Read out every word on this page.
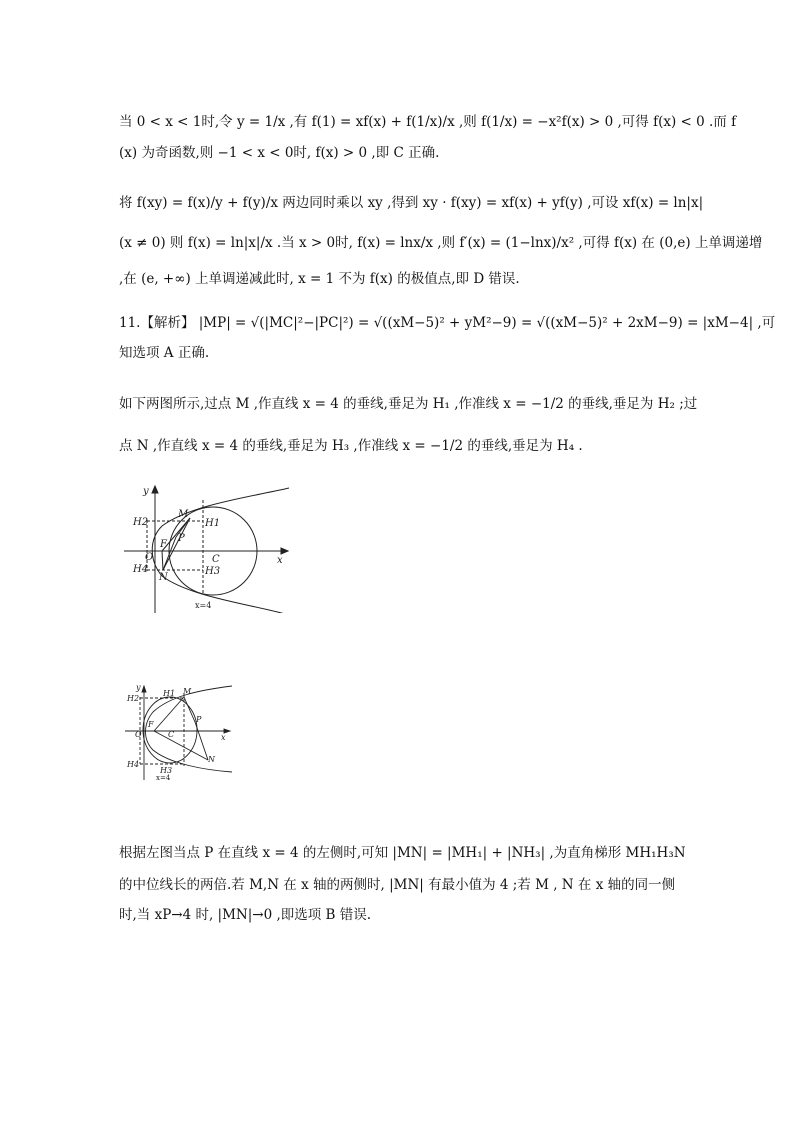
当 0 < x < 1时,令 y = 1/x ,有 f(1) = xf(x) + f(1/x)/x ,则 f(1/x) = −x²f(x) > 0 ,可得 f(x) < 0 .而 f
(x) 为奇函数,则 −1 < x < 0时, f(x) > 0 ,即 C 正确.
将 f(xy) = f(x)/y + f(y)/x 两边同时乘以 xy ,得到 xy · f(xy) = xf(x) + yf(y) ,可设 xf(x) = ln|x|
(x ≠ 0) 则 f(x) = ln|x|/x .当 x > 0时, f(x) = lnx/x ,则 f′(x) = (1−lnx)/x² ,可得 f(x) 在 (0,e) 上单调递增
,在 (e, +∞) 上单调递减此时, x = 1 不为 f(x) 的极值点,即 D 错误.
11.【解析】 |MP| = √(|MC|²−|PC|²) = √((xM−5)² + yM²−9) = √((xM−5)² + 2xM−9) = |xM−4| ,可
知选项 A 正确.
如下两图所示,过点 M ,作直线 x = 4 的垂线,垂足为 H₁ ,作准线 x = −1/2 的垂线,垂足为 H₂ ;过
点 N ,作直线 x = 4 的垂线,垂足为 H₃ ,作准线 x = −1/2 的垂线,垂足为 H₄ .
y
x
O
F
C
M
P
N
H1
H2
H3
H4
x=4
y
x
O
F
C
M
P
N
H1
H2
H3
H4
x=4
根据左图当点 P 在直线 x = 4 的左侧时,可知 |MN| = |MH₁| + |NH₃| ,为直角梯形 MH₁H₃N
的中位线长的两倍.若 M,N 在 x 轴的两侧时, |MN| 有最小值为 4 ;若 M , N 在 x 轴的同一侧
时,当 xP→4 时, |MN|→0 ,即选项 B 错误.
